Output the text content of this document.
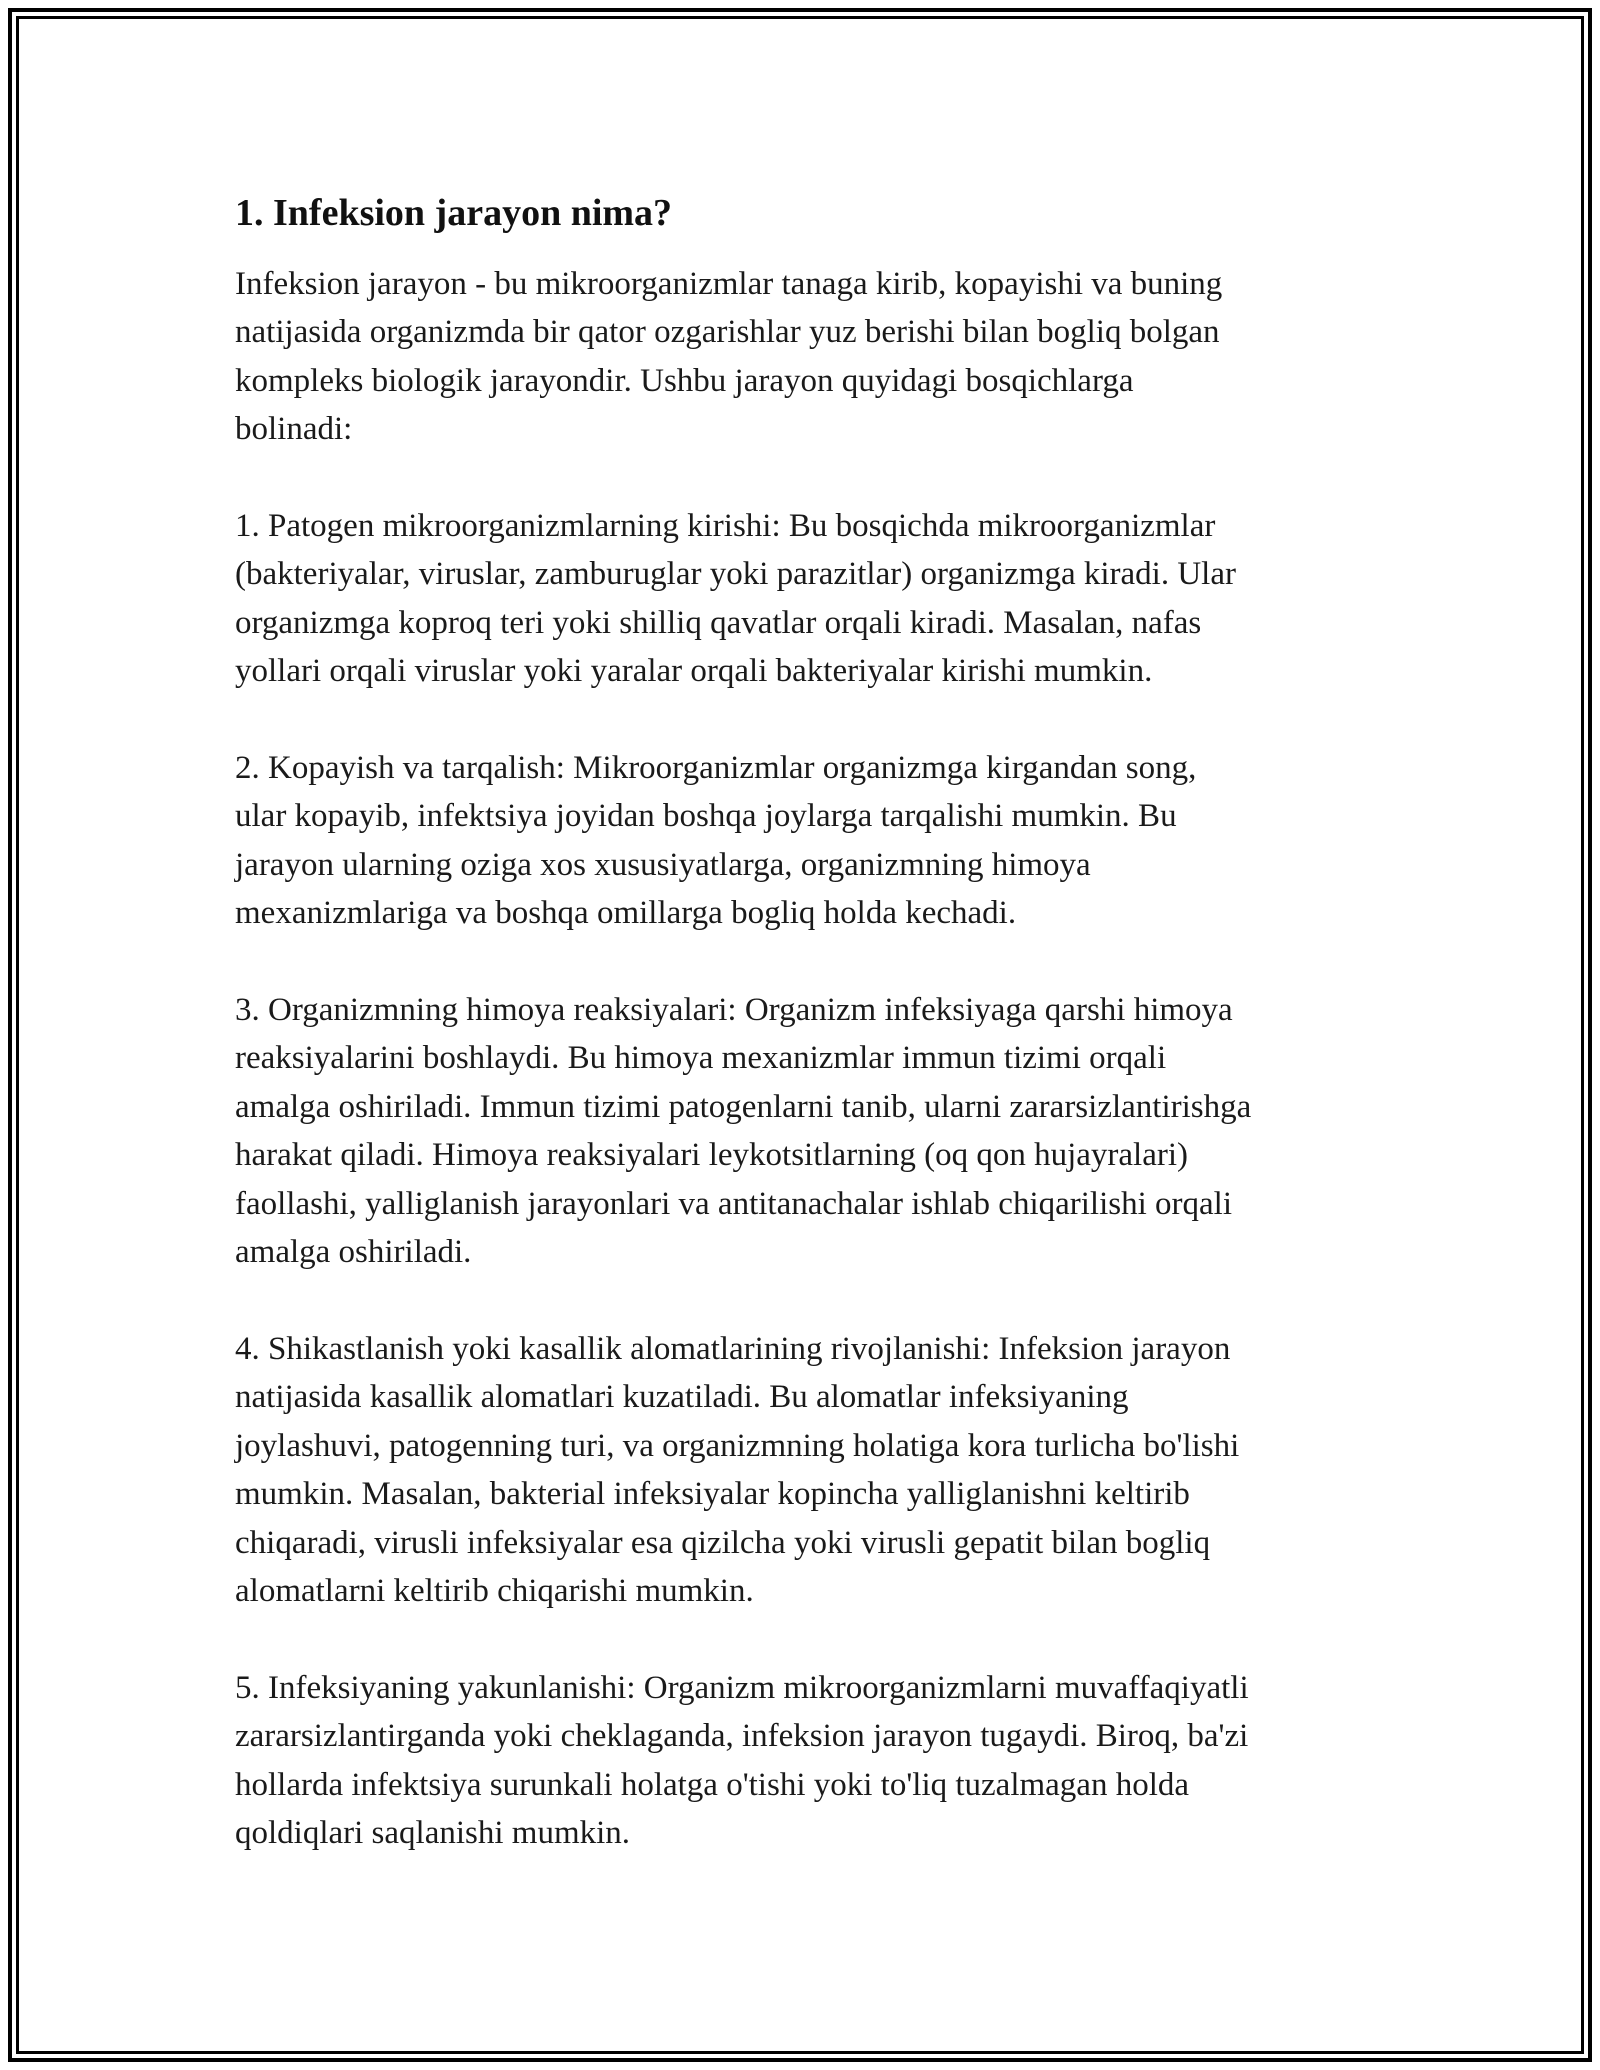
1. Infeksion jarayon nima?

Infeksion jarayon - bu mikroorganizmlar tanaga kirib, kopayishi va buning
natijasida organizmda bir qator ozgarishlar yuz berishi bilan bogliq bolgan
kompleks biologik jarayondir. Ushbu jarayon quyidagi bosqichlarga
bolinadi:

1. Patogen mikroorganizmlarning kirishi: Bu bosqichda mikroorganizmlar
(bakteriyalar, viruslar, zamburuglar yoki parazitlar) organizmga kiradi. Ular
organizmga koproq teri yoki shilliq qavatlar orqali kiradi. Masalan, nafas
yollari orqali viruslar yoki yaralar orqali bakteriyalar kirishi mumkin.

2. Kopayish va tarqalish: Mikroorganizmlar organizmga kirgandan song,
ular kopayib, infektsiya joyidan boshqa joylarga tarqalishi mumkin. Bu
jarayon ularning oziga xos xususiyatlarga, organizmning himoya
mexanizmlariga va boshqa omillarga bogliq holda kechadi.

3. Organizmning himoya reaksiyalari: Organizm infeksiyaga qarshi himoya
reaksiyalarini boshlaydi. Bu himoya mexanizmlar immun tizimi orqali
amalga oshiriladi. Immun tizimi patogenlarni tanib, ularni zararsizlantirishga
harakat qiladi. Himoya reaksiyalari leykotsitlarning (oq qon hujayralari)
faollashi, yalliglanish jarayonlari va antitanachalar ishlab chiqarilishi orqali
amalga oshiriladi.

4. Shikastlanish yoki kasallik alomatlarining rivojlanishi: Infeksion jarayon
natijasida kasallik alomatlari kuzatiladi. Bu alomatlar infeksiyaning
joylashuvi, patogenning turi, va organizmning holatiga kora turlicha bo'lishi
mumkin. Masalan, bakterial infeksiyalar kopincha yalliglanishni keltirib
chiqaradi, virusli infeksiyalar esa qizilcha yoki virusli gepatit bilan bogliq
alomatlarni keltirib chiqarishi mumkin.

5. Infeksiyaning yakunlanishi: Organizm mikroorganizmlarni muvaffaqiyatli
zararsizlantirganda yoki cheklaganda, infeksion jarayon tugaydi. Biroq, ba'zi
hollarda infektsiya surunkali holatga o'tishi yoki to'liq tuzalmagan holda
qoldiqlari saqlanishi mumkin.
